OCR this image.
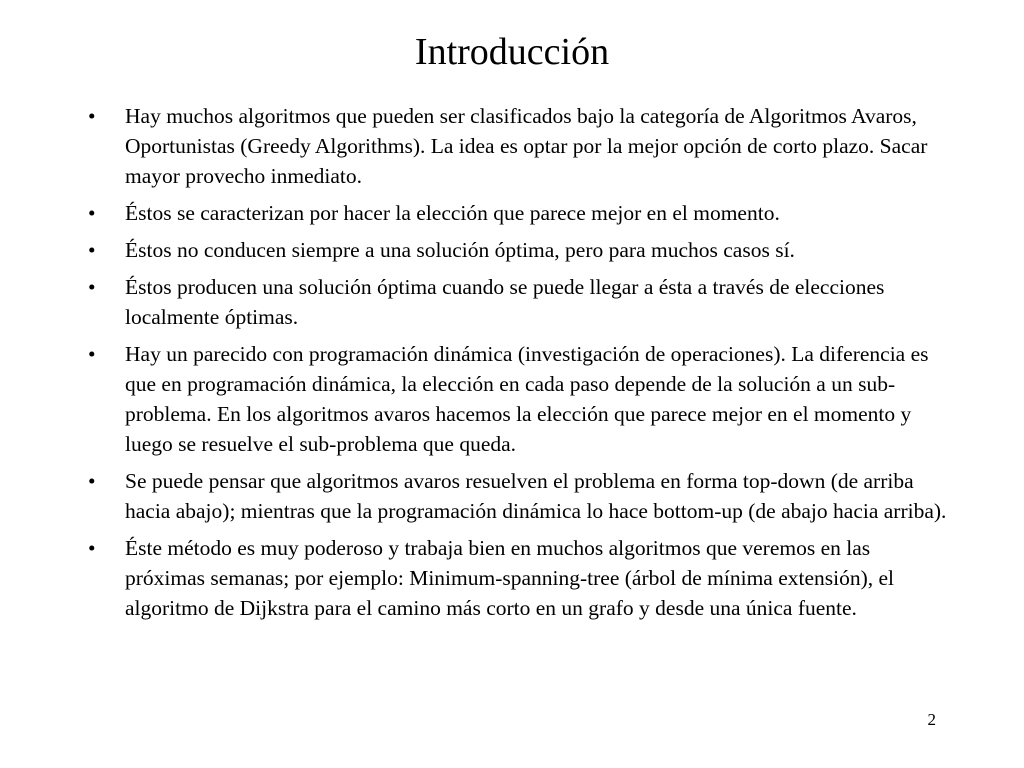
Introducción
• Hay muchos algoritmos que pueden ser clasificados bajo la categoría de Algoritmos Avaros, Oportunistas (Greedy Algorithms). La idea es optar por la mejor opción de corto plazo. Sacar mayor provecho inmediato.
• Éstos se caracterizan por hacer la elección que parece mejor en el momento.
• Éstos no conducen siempre a una solución óptima, pero para muchos casos sí.
• Éstos producen una solución óptima cuando se puede llegar a ésta a través de elecciones localmente óptimas.
• Hay un parecido con programación dinámica (investigación de operaciones). La diferencia es que en programación dinámica, la elección en cada paso depende de la solución a un sub-problema. En los algoritmos avaros hacemos la elección que parece mejor en el momento y luego se resuelve el sub-problema que queda.
• Se puede pensar que algoritmos avaros resuelven el problema en forma top-down (de arriba hacia abajo); mientras que la programación dinámica lo hace bottom-up (de abajo hacia arriba).
• Éste método es muy poderoso y trabaja bien en muchos algoritmos que veremos en las próximas semanas; por ejemplo: Minimum-spanning-tree (árbol de mínima extensión), el algoritmo de Dijkstra para el camino más corto en un grafo y desde una única fuente.
2
